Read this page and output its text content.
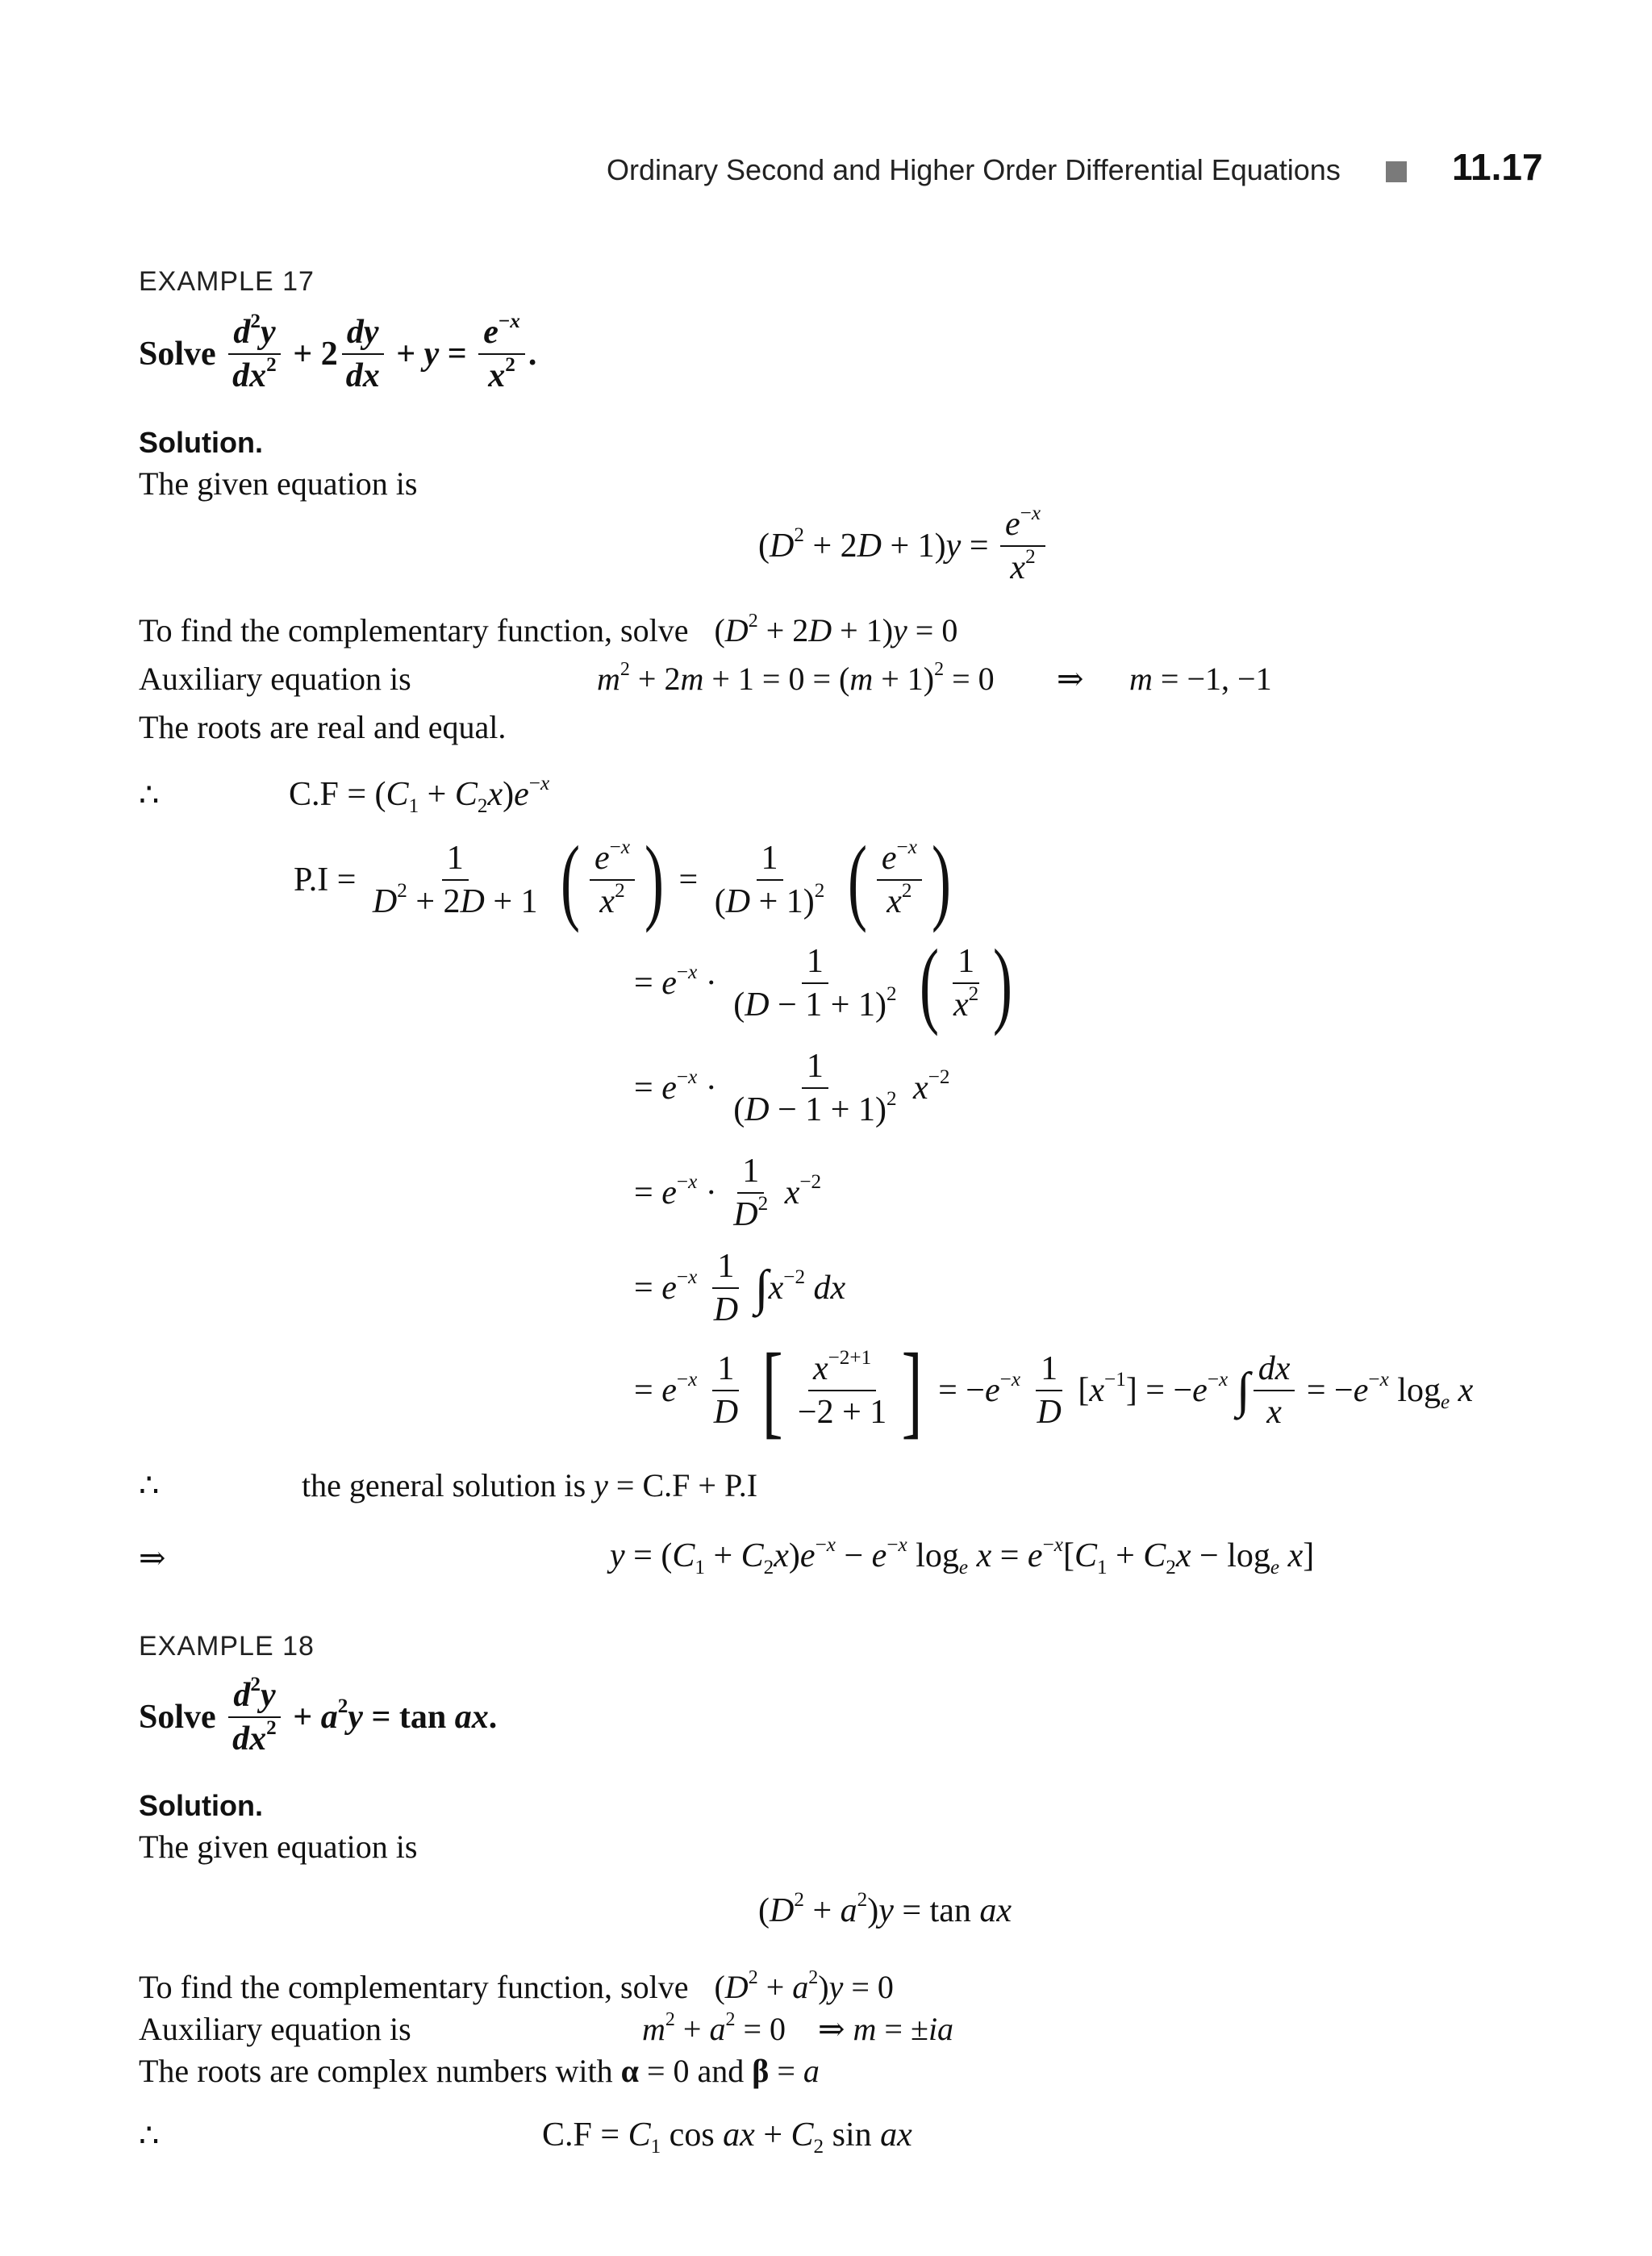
Ordinary Second and Higher Order Differential Equations	11.17
EXAMPLE 17
Solve $\frac{d^2y}{dx^2} + 2 \frac{dy}{dx} + y = \frac{e^{-x}}{x^2}$ .
Solution.
The given equation is
$(D^2 + 2D + 1)y = \frac{e^{-x}}{x^2}$
To find the complementary function, solve $(D^2 + 2D + 1)y = 0$
Auxiliary equation is	$m^2 + 2m + 1 = 0 = (m + 1)^2 = 0$ ⇒ m = −1, −1
The roots are real and equal.
∴	$C.F = (C_1 + C_2x)e^{-x}$
$P.I = \frac{1}{D^2 + 2D + 1}$
( $\frac{e^{-x}}{x^2}$ ) = $\frac{1}{(D + 1)^2}$
( $\frac{e^{-x}}{x^2}$ )
= $e^{-x} \cdot \frac{1}{(D - 1 + 1)^2}$
( $\frac{1}{x^2}$ )
= $e^{-x} \cdot \frac{1}{(D - 1 + 1)^2} x^{-2}$
= $e^{-x} \cdot \frac{1}{D^2} x^{-2}$
= $e^{-x} \frac{1}{D} \int x^{-2}$ dx
= $e^{-x} \frac{1}{D}$
[ $\frac{x^{-2+1}}{-2 + 1}$ ] = $-e^{-x} \frac{1}{D} [x^{-1}] = -e^{-x}$ ∫ $\frac{dx}{x} = -e^{-x}$ $\log_e x$
∴	the general solution is y = C.F + P.I
⇒	$y = (C_1 + C_2x)e^{-x} - e^{-x}$ $\log_e x = e^{-x}[C_1 + C_2x - \log_e x]$
EXAMPLE 18
Solve $\frac{d^2y}{dx^2} + a^2y = \tan$ ax.
Solution.
The given equation is
$(D^2 + a^2)y = \tan$ ax
To find the complementary function, solve $(D^2 + a^2)y = 0$
Auxiliary equation is	$m^2 + a^2 = 0$ ⇒ m = ±ia
The roots are complex numbers with α = 0 and β = a
∴	$C.F = C_1$ cos ax + $C_2$ sin ax
